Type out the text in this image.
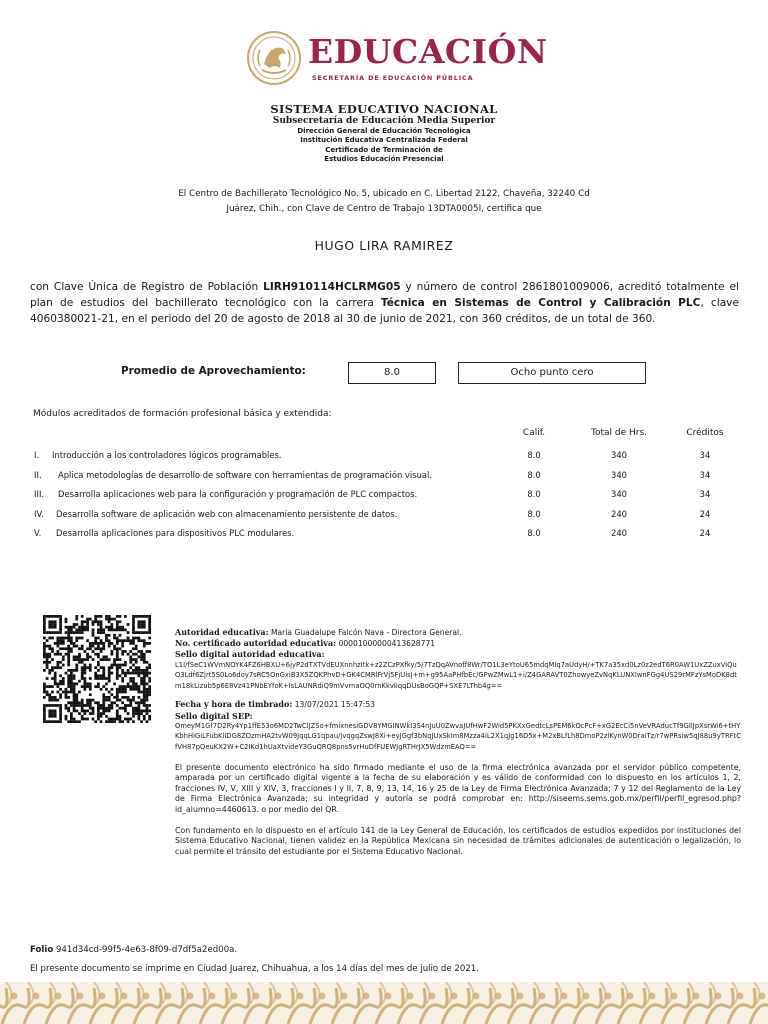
EDUCACIÓN
SECRETARÍA DE EDUCACIÓN PÚBLICA
SISTEMA EDUCATIVO NACIONAL
Subsecretaría de Educación Media Superior
Dirección General de Educación Tecnológica
Institución Educativa Centralizada Federal
Certificado de Terminación de
Estudios Educación Presencial
El Centro de Bachillerato Tecnológico No. 5, ubicado en C. Libertad 2122, Chaveña, 32240 Cd
Juárez, Chih., con Clave de Centro de Trabajo 13DTA0005I, certifica que
HUGO LIRA RAMIREZ
con Clave Única de Registro de Población LIRH910114HCLRMG05 y número de control 2861801009006, acreditó totalmente el plan de estudios del bachillerato tecnológico con la carrera Técnica en Sistemas de Control y Calibración PLC, clave 4060380021-21, en el periodo del 20 de agosto de 2018 al 30 de junio de 2021, con 360 créditos, de un total de 360.
Promedio de Aprovechamiento:	8.0	Ocho punto cero
Módulos acreditados de formación profesional básica y extendida:
Calif.	Total de Hrs.	Créditos
I. Introducción a los controladores lógicos programables.	8.0	340	34
II. Aplica metodologías de desarrollo de software con herramientas de programación visual.	8.0	340	34
III. Desarrolla aplicaciones web para la configuración y programación de PLC compactos.	8.0	340	34
IV. Desarrolla software de aplicación web con almacenamiento persistente de datos.	8.0	240	24
V. Desarrolla aplicaciones para dispositivos PLC modulares.	8.0	240	24
Autoridad educativa: María Guadalupe Falcón Nava - Directora General.
No. certificado autoridad educativa: 00001000000413628771
Sello digital autoridad educativa:
L1I/fSeC1WVmNOYK4FZ6HBXU+6jyP2dTXTVdEUXnnhzItk+z2ZCzPXfky/5/7TzQqAVnoff8Wr/TO1L3eYtoU65mdqMIq7aUdyH/+TK7a35xd0Lz0z2edT6R0AW1UxZZuxViQuO3Ldf6Zjrt5S0Lo6doy7sRC5OnGxiB3X5ZQKPhvD+GK4CMRlFrVj5FjUisJ+m+g95AaPHfbEc/GPwZMwL1+i/Z4GARAVT0ZhowyeZvNqKLUNXIwnFGg4US29rMFzYsMoDK8dtm18kLizub5p6E8Vz41PNbEYfoK+IsLAUNRdiQ9mVvrnaOQ0rnKkvIiqqDUsBoGQP+SXE7LThb4g==
Fecha y hora de timbrado: 13/07/2021 15:47:53
Sello digital SEP:
OmeyM1Gf7D2Ry4Yp1ffE53o6MD2TwClJZSo+fmixnesiGDV8YMGINWkI3S4nJuU0ZwvaJUfHwF2Wid5PKXxGedtcLsPEM6kOcPcF+xG2EcCi5nVeVRAducTf9GIlJpXsrWi6+tHYKbhHiGiLFubKlIDG8ZOzmHA2tvW09JqqLG1qpau/jvqgqZswJ8Xi+eyJGgf3bNqJUxSkIm8Mzza4iL2X1qJg16D5x+M2xBLfLh8DmoP2zlKynW0DraiTz/r7wPRsiw5qJ88u9yTRFtCfVH87pQeuKX2W+C2IKd1hUaXtvideY3GuQRQ8pns5vrHuDfFUEWJgRTHrJX5WdzmEAQ==

El presente documento electrónico ha sido firmado mediante el uso de la firma electrónica avanzada por el servidor público competente, amparada por un certificado digital vigente a la fecha de su elaboración y es válido de conformidad con lo dispuesto en los artículos 1, 2, fracciones IV, V, XIII y XIV, 3, fracciones I y II, 7, 8, 9, 13, 14, 16 y 25 de la Ley de Firma Electrónica Avanzada; 7 y 12 del Reglamento de la Ley de Firma Electrónica Avanzada; su integridad y autoría se podrá comprobar en: http://siseems.sems.gob.mx/perfil/perfil_egresod.php?id_alumno=4460613. o por medio del QR.

Con fundamento en lo dispuesto en el artículo 141 de la Ley General de Educación, los certificados de estudios expedidos por instituciones del Sistema Educativo Nacional, tienen validez en la República Mexicana sin necesidad de trámites adicionales de autenticación o legalización, lo cual permite el tránsito del estudiante por el Sistema Educativo Nacional.

Folio 941d34cd-99f5-4e63-8f09-d7df5a2ed00a.
El presente documento se imprime en Ciudad Juarez, Chihuahua, a los 14 días del mes de julio de 2021.
